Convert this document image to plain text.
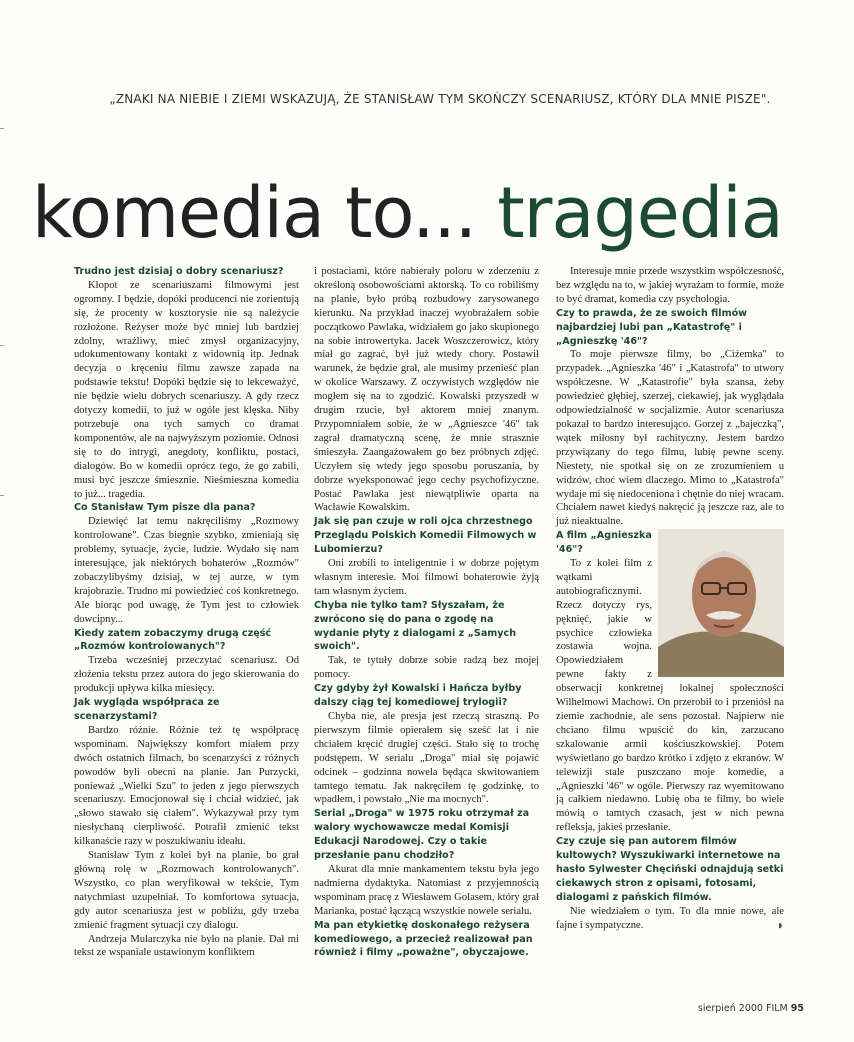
„ZNAKI NA NIEBIE I ZIEMI WSKAZUJĄ, ŻE STANISŁAW TYM SKOŃCZY SCENARIUSZ, KTÓRY DLA MNIE PISZE".
komedia to... tragedia

Trudno jest dzisiaj o dobry scenariusz?

Kłopot ze scenariuszami filmowymi jest ogromny. I będzie, dopóki producenci nie zorientują się, że procenty w kosztorysie nie są należycie rozłożone. Reżyser może być mniej lub bardziej zdolny, wrażliwy, mieć zmysł organizacyjny, udokumentowany kontakt z widownią itp. Jednak decyzja o kręceniu filmu zawsze zapada na podstawie tekstu! Dopóki będzie się to lekceważyć, nie będzie wielu dobrych scenariuszy. A gdy rzecz dotyczy komedii, to już w ogóle jest klęska. Niby potrzebuje ona tych samych co dramat komponentów, ale na najwyższym poziomie. Odnosi się to do intrygi, anegdoty, konfliktu, postaci, dialogów. Bo w komedii oprócz tego, że go zabili, musi być jeszcze śmiesznie. Nieśmieszna komedia to już... tragedia.

Co Stanisław Tym pisze dla pana?

Dziewięć lat temu nakręciliśmy „Rozmowy kontrolowane". Czas biegnie szybko, zmieniają się problemy, sytuacje, życie, ludzie. Wydało się nam interesujące, jak niektórych bohaterów „Rozmów" zobaczylibyśmy dzisiaj, w tej aurze, w tym krajobrazie. Trudno mi powiedzieć coś konkretnego. Ale biorąc pod uwagę, że Tym jest to człowiek dowcipny...

Kiedy zatem zobaczymy drugą część „Rozmów kontrolowanych"?

Trzeba wcześniej przeczytać scenariusz. Od złożenia tekstu przez autora do jego skierowania do produkcji upływa kilka miesięcy.

Jak wygląda współpraca ze scenarzystami?

Bardzo różnie. Różnie też tę współpracę wspominam. Największy komfort miałem przy dwóch ostatnich filmach, bo scenarzyści z różnych powodów byli obecni na planie. Jan Purzycki, ponieważ „Wielki Szu" to jeden z jego pierwszych scenariuszy. Emocjonował się i chciał widzieć, jak „słowo stawało się ciałem". Wykazywał przy tym niesłychaną cierpliwość. Potrafił zmienić tekst kilkanaście razy w poszukiwaniu ideału.

Stanisław Tym z kolei był na planie, bo grał główną rolę w „Rozmowach kontrolowanych". Wszystko, co plan weryfikował w tekście, Tym natychmiast uzupełniał. To komfortowa sytuacja, gdy autor scenariusza jest w pobliżu, gdy trzeba zmienić fragment sytuacji czy dialogu.

Andrzeja Mularczyka nie było na planie. Dał mi tekst ze wspaniale ustawionym konfliktem

i postaciami, które nabierały poloru w zderzeniu z określoną osobowościami aktorską. To co robiliśmy na planie, było próbą rozbudowy zarysowanego kierunku. Na przykład inaczej wyobrażałem sobie początkowo Pawlaka, widziałem go jako skupionego na sobie introwertyka. Jacek Woszczerowicz, który miał go zagrać, był już wtedy chory. Postawił warunek, że będzie grał, ale musimy przenieść plan w okolice Warszawy. Z oczywistych względów nie mogłem się na to zgodzić. Kowalski przyszedł w drugim rzucie, był aktorem mniej znanym. Przypomniałem sobie, że w „Agnieszce '46" tak zagrał dramatyczną scenę, że mnie strasznie śmieszyła. Zaangażowałem go bez próbnych zdjęć. Uczyłem się wtedy jego sposobu poruszania, by dobrze wyeksponować jego cechy psychofizyczne. Postać Pawlaka jest niewątpliwie oparta na Wacławie Kowalskim.

Jak się pan czuje w roli ojca chrzestnego Przeglądu Polskich Komedii Filmowych w Lubomierzu?

Oni zrobili to inteligentnie i w dobrze pojętym własnym interesie. Moi filmowi bohaterowie żyją tam własnym życiem.

Chyba nie tylko tam? Słyszałam, że zwrócono się do pana o zgodę na wydanie płyty z dialogami z „Samych swoich".

Tak, te tytuły dobrze sobie radzą bez mojej pomocy.

Czy gdyby żył Kowalski i Hańcza byłby dalszy ciąg tej komediowej trylogii?

Chyba nie, ale presja jest rzeczą straszną. Po pierwszym filmie opierałem się sześć lat i nie chciałem kręcić drugiej części. Stało się to trochę podstępem. W serialu „Droga" miał się pojawić odcinek – godzinna nowela będąca skwitowaniem tamtego tematu. Jak nakręciłem tę godzinkę, to wpadłem, i powstało „Nie ma mocnych".

Serial „Droga" w 1975 roku otrzymał za walory wychowawcze medal Komisji Edukacji Narodowej. Czy o takie przesłanie panu chodziło?

Akurat dla mnie mankamentem tekstu była jego nadmierna dydaktyka. Natomiast z przyjemnością wspominam pracę z Wiesławem Golasem, który grał Marianka, postać łączącą wszystkie nowele serialu.

Ma pan etykietkę doskonałego reżysera komediowego, a przecież realizował pan również i filmy „poważne", obyczajowe.

Interesuje mnie przede wszystkim współczesność, bez względu na to, w jakiej wyrażam to formie, może to być dramat, komedia czy psychologia.

Czy to prawda, że ze swoich filmów najbardziej lubi pan „Katastrofę" i „Agnieszkę '46"?

To moje pierwsze filmy, bo „Ciżemka" to przypadek. „Agnieszka '46" i „Katastrofa" to utwory współczesne. W „Katastrofie" była szansa, żeby powiedzieć głębiej, szerzej, ciekawiej, jak wyglądała odpowiedzialność w socjalizmie. Autor scenariusza pokazał to bardzo interesująco. Gorzej z „bajeczką", wątek miłosny był rachityczny. Jestem bardzo przywiązany do tego filmu, lubię pewne sceny. Niestety, nie spotkał się on ze zrozumieniem u widzów, choć wiem dlaczego. Mimo to „Katastrofa" wydaje mi się niedoceniona i chętnie do niej wracam. Chciałem nawet kiedyś nakręcić ją jeszcze raz, ale to już nieaktualne.

A film „Agnieszka '46"?

To z kolei film z wątkami autobiograficznymi. Rzecz dotyczy rys, pęknięć, jakie w psychice człowieka zostawia wojna. Opowiedziałem pewne fakty z obserwacji konkretnej lokalnej społeczności Wilhelmowi Machowi. On przerobił to i przeniósł na ziemie zachodnie, ale sens pozostał. Najpierw nie chciano filmu wpuścić do kin, zarzucano szkalowanie armii kościuszkowskiej. Potem wyświetlano go bardzo krótko i zdjęto z ekranów. W telewizji stale puszczano moje komedie, a „Agnieszki '46" w ogóle. Pierwszy raz wyemitowano ją całkiem niedawno. Lubię oba te filmy, bo wiele mówią o tamtych czasach, jest w nich pewna refleksja, jakieś przesłanie.

Czy czuje się pan autorem filmów kultowych? Wyszukiwarki internetowe na hasło Sylwester Chęciński odnajdują setki ciekawych stron z opisami, fotosami, dialogami z pańskich filmów.

Nie wiedziałem o tym. To dla mnie nowe, ale fajne i sympatyczne.	◗

sierpień 2000 FILM 95
